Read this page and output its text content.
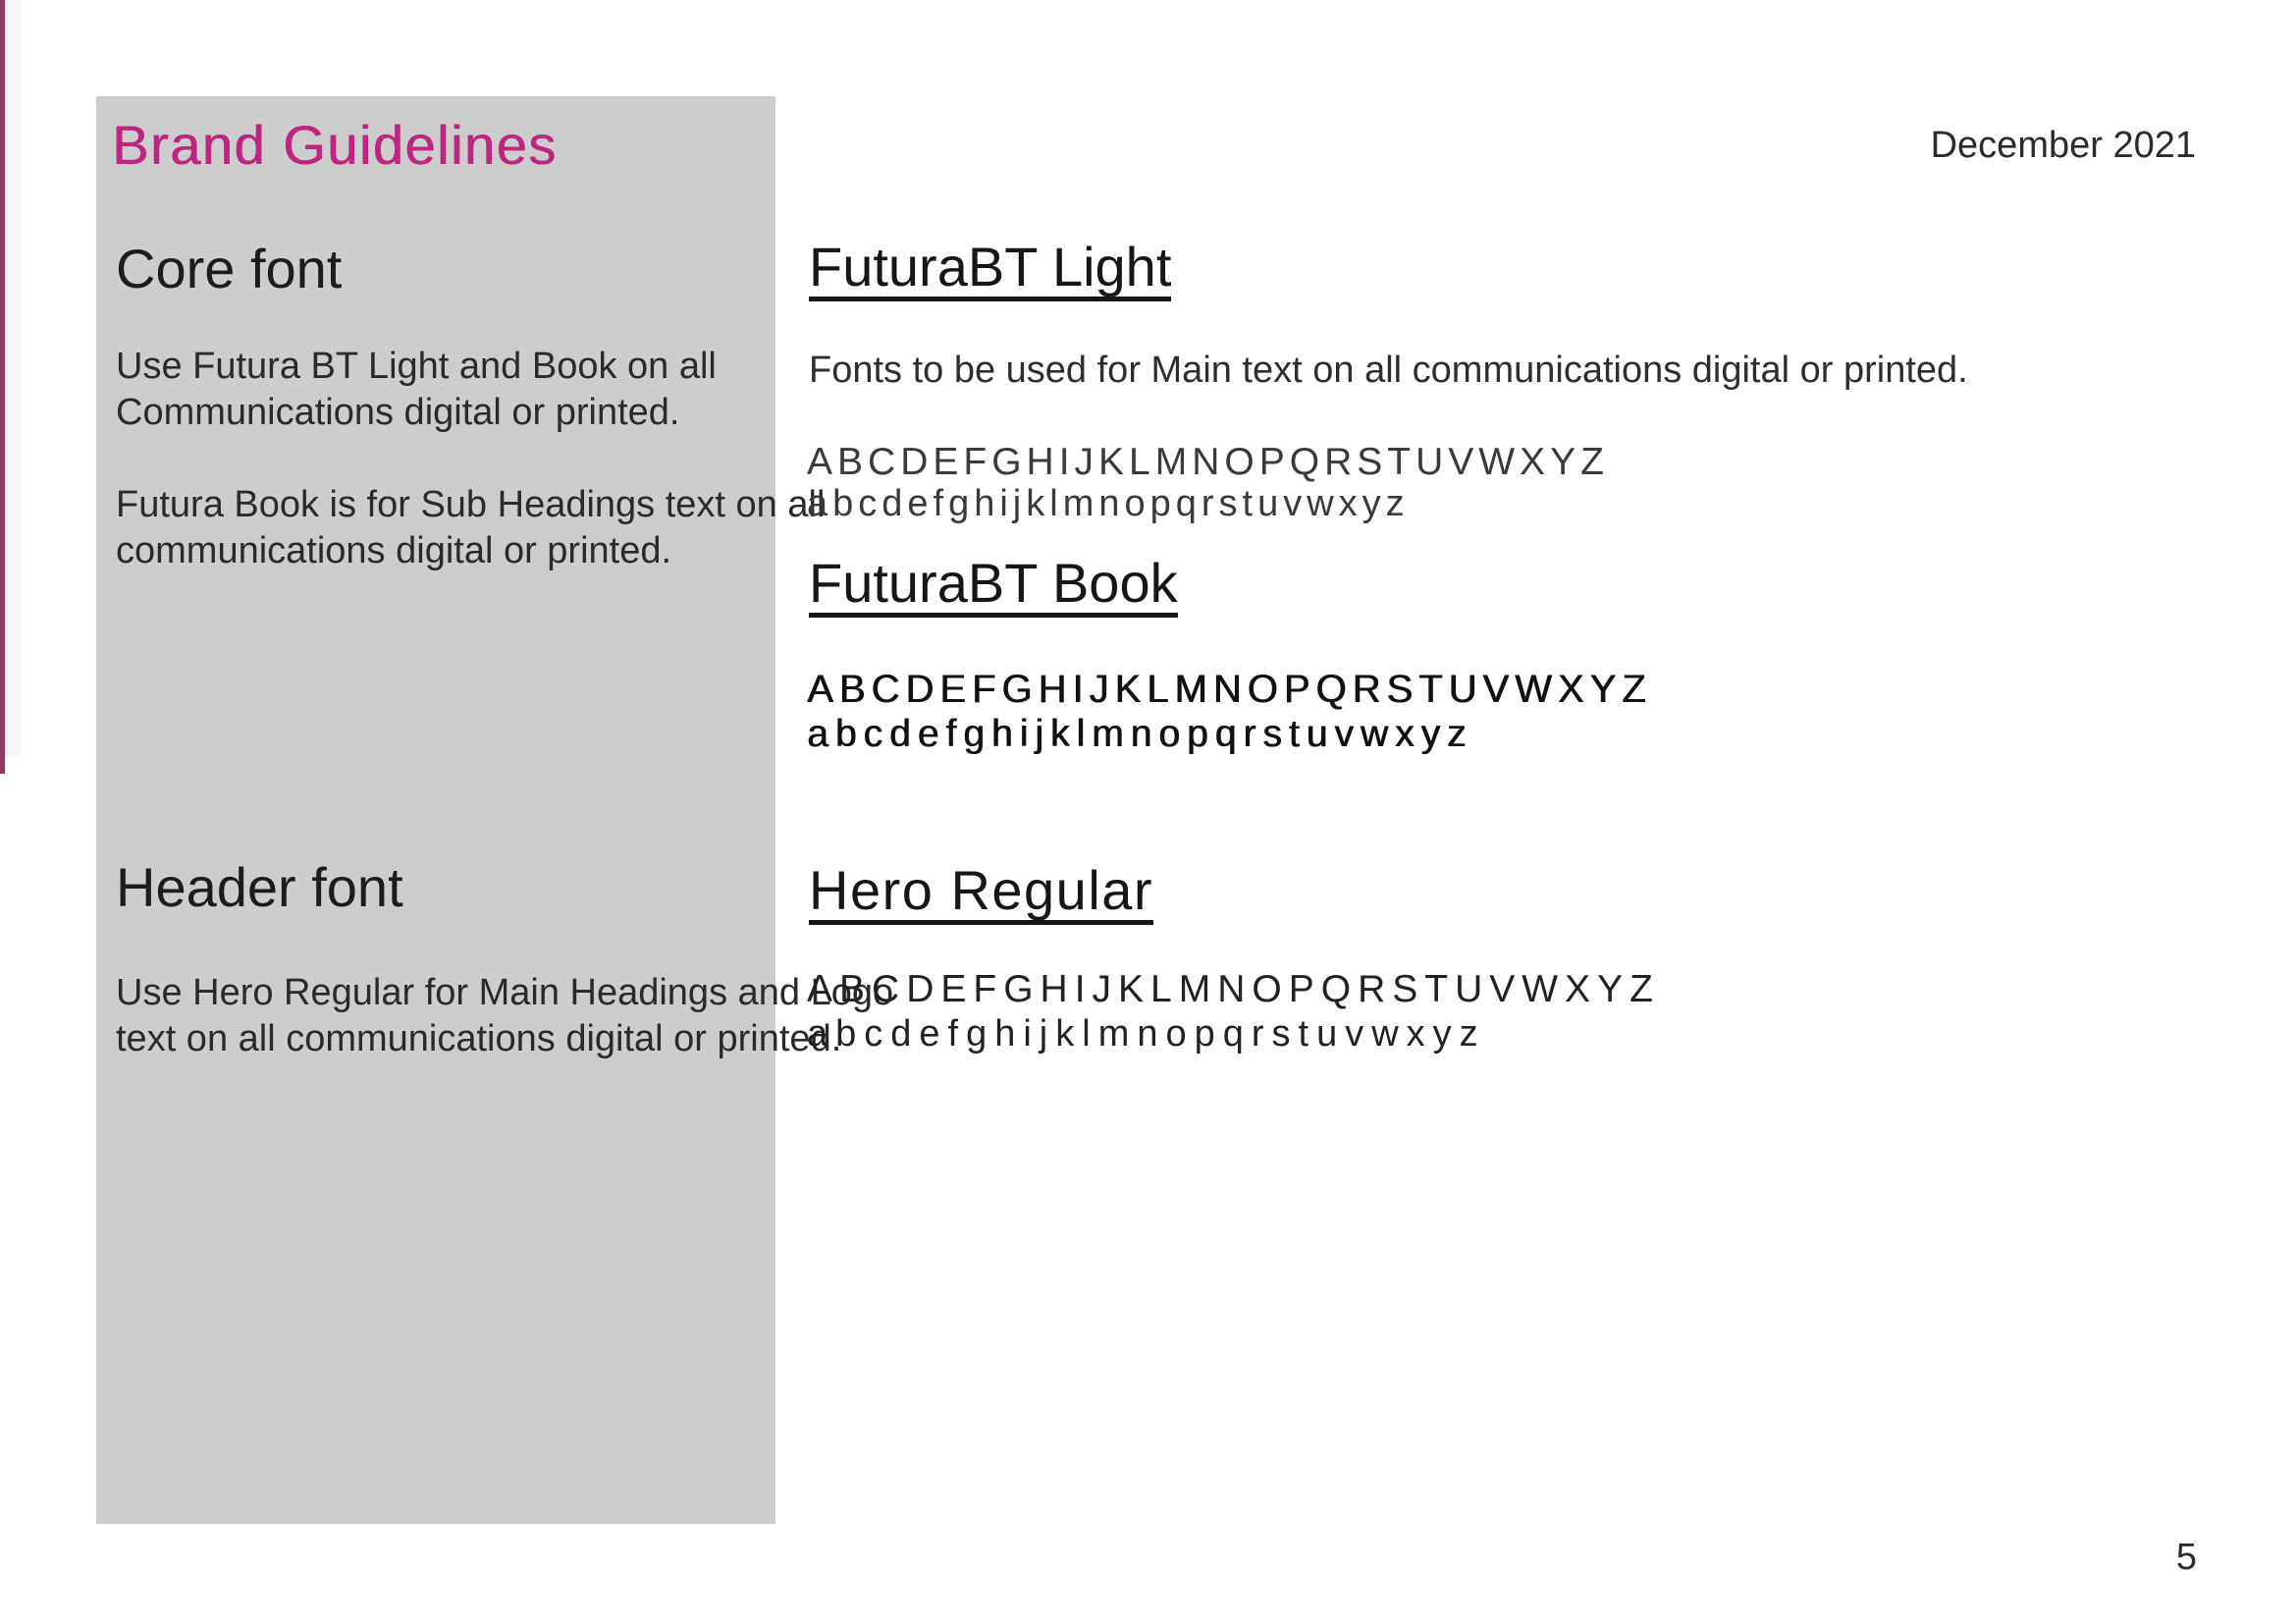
Brand Guidelines	December 2021
Core font
Use Futura BT Light and Book on all
Communications digital or printed.
Futura Book is for Sub Headings text on all
communications digital or printed.
Header font
Use Hero Regular for Main Headings and Logo
text on all communications digital or printed.
FuturaBT Light
Fonts to be used for Main text on all communications digital or printed.
ABCDEFGHIJKLMNOPQRSTUVWXYZ
abcdefghijklmnopqrstuvwxyz
FuturaBT Book
ABCDEFGHIJKLMNOPQRSTUVWXYZ
abcdefghijklmnopqrstuvwxyz
Hero Regular
ABCDEFGHIJKLMNOPQRSTUVWXYZ
abcdefghijklmnopqrstuvwxyz
5
